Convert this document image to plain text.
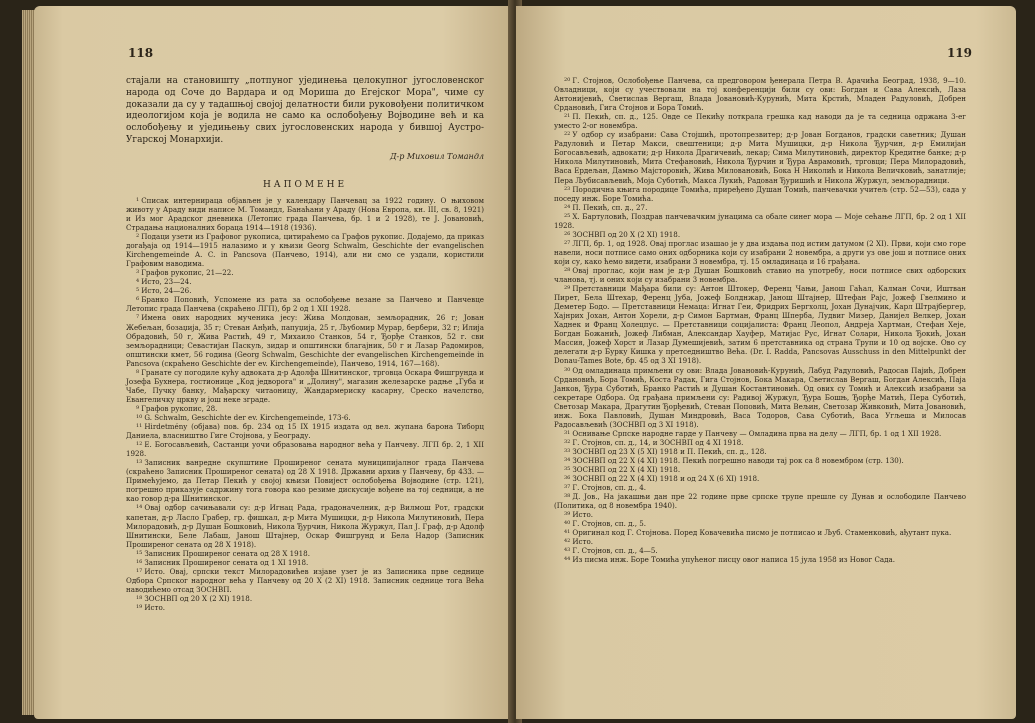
118

стајали на становишту „потпуног ујединења целокупног југословенског народа од Соче до Вардара и од Мориша до Егејског Мора", чиме су доказали да су у тадашњој својој делатности били руковођени политичком идеологијом која је водила не само ка ослобођењу Војводине већ и ка ослобођењу и уједињењу свих југословенских народа у бившој Аустро-Угарској Монархији.

Д-р Миховил Томандл
НАПОМЕНЕ

$^1$ Списак интернираца објављен је у календару Панчевац за 1922 годину. О њиховом животу у Араду види написе М. Томандл, Банаћани у Араду (Нова Европа, кн. III, св. 8, 1921) и Из мог Арадског дневника (Летопис града Панчева, бр. 1 и 2 1928), те Ј. Јовановић, Страдања националних бораца 1914—1918 (1936).

$^2$ Подаци узети из Графовог рукописа, цитираћемо са Графов рукопис. Додајемо, да приказ догађаја од 1914—1915 налазимо и у књизи Georg Schwalm, Geschichte der evangelischen Kirchengemeinde A. C. in Pancsova (Панчево, 1914), али ни смо се уздали, користили Графовим наводима.

$^3$ Графов рукопис, 21—22.

$^4$ Исто, 23—24.

$^5$ Исто, 24—26.

$^6$ Бранко Поповић, Успомене из рата за ослобођење везане за Панчево и Панчевце Летопис града Панчева (скраћено ЛГП), бр 2 од 1 XII 1928.

$^7$ Имена ових народних мученика јесу: Жива Молдован, земљорадник, 26 г; Јован Жебељан, бозаџија, 35 г; Стеван Анђић, папуџија, 25 г, Љубомир Мурар, бербери, 32 г; Илија Обрадовић, 50 г, Жива Растић, 49 г, Михаило Станков, 54 г, Ђорђе Станков, 52 г. сви земљорадници; Севастијан Паскуљ, зидар и општински благајник, 50 г и Лазар Радомиров, општински кмет, 56 година (Georg Schwalm, Geschichte der evangelischen Kirchengemeinde in Pancsova (скраћено Geschichte der ev. Kirchengemeinde), Панчево, 1914, 167—168).

$^8$ Гранате су погодиле кућу адвоката д-р Адолфа Шнитинског, трговца Оскара Фишгрунда и Јозефа Бухнера, гостионице „Код једворога" и „Долину", магазин железарске радње „Губа и Чабе, Пучку банку, Мађарску читаоницу, Жандармериску касарну, Среско начелство, Евангеличку цркву и још неке зграде.

$^9$ Графов рукопис, 28.

$^{10}$ G. Schwalm, Geschichte der ev. Kirchengemeinde, 173-6.

$^{11}$ Hirdetmény (објава) пов. бр. 234 од 15 IX 1915 издата од вел. жупана барона Тиборц Даниела, власништво Гиге Стојнова, у Београду.

$^{12}$ Е. Богосављевић, Састанци уочи образовања народног већа у Панчеву. ЛГП бр. 2, 1 XII 1928.

$^{13}$ Записник ванредне скупштине Проширеног сената муниципијалног града Панчева (скраћено Записник Проширеног сената) од 28 X 1918. Државни архив у Панчеву, бр 433. — Примећујемо, да Петар Пекић у својој књизи Повијест ослобођења Војводине (стр. 121), погрешно приказује садржину тога говора као резиме дискусије вођене на тој седници, а не као говор д-ра Шнитинског.

$^{14}$ Овај одбор сачињавали су: д-р Игнац Рада, градоначелник, д-р Вилмош Рот, градски капетан, д-р Ласло Грабер, гр. фишкал, д-р Мита Мушицки, д-р Никола Милутиновић, Пера Милорадовић, д-р Душан Бошковић, Никола Ђурчин, Никола Журжул, Пал Ј. Граф, д-р Адолф Шнитински, Беле Лабаш, Јанош Штајнер, Оскар Фишгрунд и Бела Надор (Записник Проширеног сената од 28 X 1918).

$^{15}$ Записник Проширеног сената од 28 X 1918.

$^{16}$ Записник Проширеног сената од 1 XI 1918.

$^{17}$ Исто. Овај, српски текст Милорадовићев изјаве узет је из Записника прве седнице Одбора Српског народног већа у Панчеву од 20 X (2 XI) 1918. Записник седнице тога Већа наводићемо отсад ЗОСНВП.

$^{18}$ ЗОСНВП од 20 X (2 XI) 1918.

$^{19}$ Исто.

119

$^{20}$ Г. Стојнов, Ослобођење Панчева, са предговором ђенерала Петра В. Арачића Београд, 1938, 9—10. Овладници, који су учествовали на тој конференцији били су ови: Богдан и Сава Алексић, Лаза Антонијевић, Светислав Вергаш, Влада Јовановић-Курунић, Мита Крстић, Младен Радуловић, Добрен Срдановић, Гига Стојнов и Бора Томић.

$^{21}$ П. Пекић, сп. д., 125. Овде се Пекићу поткрала грешка кад наводи да је та седница одржана 3-ег уместо 2-ог новембра.

$^{22}$ У одбор су изабрани: Сава Стојшић, протопрезвитер; д-р Јован Богданов, градски саветник; Душан Радуловић и Петар Макси, свештеници; д-р Мита Мушицки, д-р Никола Ђурчин, д-р Емилијан Богосављевић, адвокати; д-р Никола Драгичевић, лекар; Сима Милутиновић, директор Кредитне банке; д-р Никола Милутиновић, Мита Стефановић, Никола Ђурчин и Ђура Аврамовић, трговци; Пера Милорадовић, Васа Ердељан, Дамњо Мајсторовић, Жива Миловановић, Бока Н Николић и Никола Величковић, занатлије; Пера Љубисављевић, Моја Суботић, Макса Лукић, Радован Ђуришић и Никола Журжул, земљорадници.

$^{23}$ Породична књига породице Томића, приређено Душан Томић, панчевачки учитељ (стр. 52—53), сада у поседу инж. Боре Томића.

$^{24}$ П. Пекић, сп. д., 27.

$^{25}$ Х. Бартуловић, Поздрав панчевачким јунацима са обале синег мора — Моје сећање ЛГП, бр. 2 од 1 XII 1928.

$^{26}$ ЗОСНВП од 20 X (2 XI) 1918.

$^{27}$ ЛГП, бр. 1, од 1928. Овај проглас изашао је у два издања под истим датумом (2 XI). Први, који смо горе навели, носи потписе само оних одборника који су изабрани 2 новембра, а други уз ове још и потписе оних који су, како ћемо видети, изабрани 3 новембра, тј. 15 омладинаца и 16 грађана.

$^{28}$ Овај проглас, који нам је д-р Душан Бошковић ставио на употребу, носи потписе свих одборских чланова, тј. и оних који су изабрани 3 новембра.

$^{29}$ Претставници Мађара били су: Антон Штокер, Ференц Чањи, Јанош Гаћал, Калман Сочи, Иштван Пирет, Бела Штехар, Ференц Јуба, Јожеф Болднжар, Јанош Штајнер, Штефан Рајс, Јожеф Гвелмино и Деметер Бодо. — Претставници Немаца: Игнат Геи, Фридрих Бергхолц, Јохан Дунајчик, Карл Штрајбергер, Хајнрих Јохан, Антон Хорели, д-р Симон Бартман, Франц Шперба, Лудвиг Мизер, Данијел Велкер, Јохан Хаднек и Франц Холецпус. — Претставници социјалиста: Франц Леопол, Андреја Хартман, Стефан Хеје, Богдан Божанић, Јожеф Либман, Александар Хауфер, Матијас Рус, Игнат Солари, Никола Ђокић, Јохан Массия, Јожеф Хорст и Лазар Думешијевић, затим 6 претставника од страна Трупи и 10 од војске. Ово су делегати д-р Бурку Кишка у претседништво Већа. (Dr. I. Radda, Pancsovas Ausschuss in den Mittelpunkt der Donau-Tames Bote, бр. 45 од 3 XI 1918).

$^{30}$ Од омладинаца примљени су ови: Влада Јовановић-Курунић, Лабуд Радуловић, Радосав Пајић, Добрен Срдановић, Бора Томић, Коста Радак, Гига Стојнов, Бока Макара, Светислав Вергаш, Богдан Алексић, Паја Јанков, Ђура Суботић, Бранко Растић и Душан Костантиновић. Од ових су Томић и Алексић изабрани за секретаре Одбора. Од грађана примљени су: Радивој Журжул, Ђура Бошњ, Ђорђе Матић, Пера Суботић, Светозар Макара, Драгутин Ђорђевић, Стеван Поповић, Мита Вељин, Светозар Живковић, Мита Јовановић, инж. Бока Павловић, Душан Миндровић, Васа Тодоров, Сава Суботић, Васа Угљеша и Милосав Радосављевић (ЗОСНВП од 3 XI 1918).

$^{31}$ Оснивање Српске народне гарде у Панчеву — Омладина прва на делу — ЛГП, бр. 1 од 1 XII 1928.

$^{32}$ Г. Стојнов, сп. д., 14, и ЗОСНВП од 4 XI 1918.

$^{33}$ ЗОСНВП од 23 X (5 XI) 1918 и П. Пекић, сп. д., 128.

$^{34}$ ЗОСНВП од 22 X (4 XI) 1918. Пекић погрешно наводи тај рок са 8 новембром (стр. 130).

$^{35}$ ЗОСНВП од 22 X (4 XI) 1918.

$^{36}$ ЗОСНВП од 22 X (4 XI) 1918 и од 24 X (6 XI) 1918.

$^{37}$ Г. Стојнов, сп. д., 4.

$^{38}$ Д. Јов., На јакашњи дан пре 22 године прве српске трупе прешле су Дунав и ослободиле Панчево (Политика, од 8 новембра 1940).

$^{39}$ Исто.

$^{40}$ Г. Стојнов, сп. д., 5.

$^{41}$ Оригинал код Г. Стојнова. Поред Ковачевића писмо је потписао и Љуб. Стаменковић, ађутант пука.

$^{42}$ Исто.

$^{43}$ Г. Стојнов, сп. д., 4—5.

$^{44}$ Из писма инж. Боре Томића упућеног писцу овог написа 15 јула 1958 из Новог Сада.
